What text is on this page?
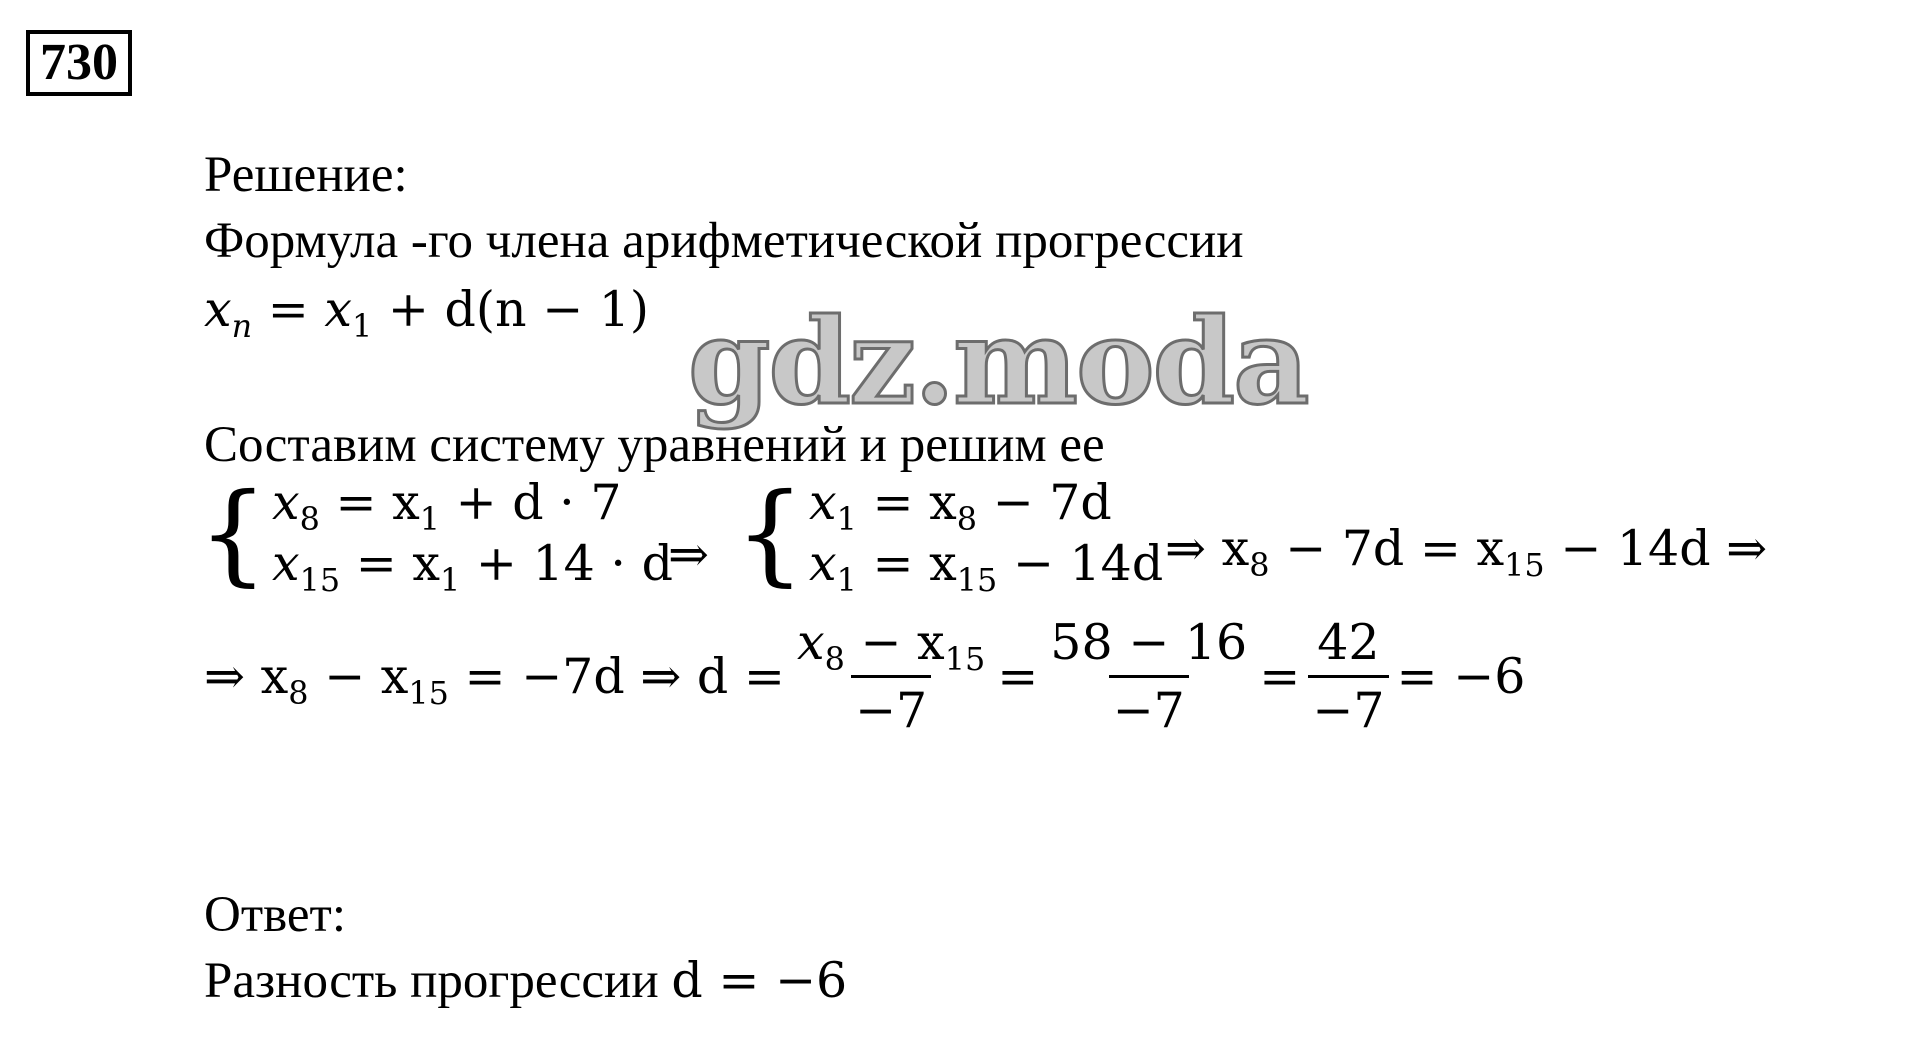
730
Решение:
Формула -го члена арифметической прогрессии
$x_n = x_1 + d(n - 1)$ gdz.moda
Составим систему уравнений и решим ее
{ $x_8 = x_1 + d \cdot 7$
$x_{15} = x_1 + 14 \cdot d$
⇒ { $x_1 = x_8 - 7d$
$x_1 = x_{15} - 14d$ ⇒ $x_8 - 7d = x_{15} - 14d$ ⇒
⇒ $x_8 - x_{15} = -7d$ ⇒ $d = \frac{x_8 - x_{15}}{-7} = \frac{58 - 16}{-7} = \frac{42}{-7} = -6$
Ответ:
Разность прогрессии d = −6
